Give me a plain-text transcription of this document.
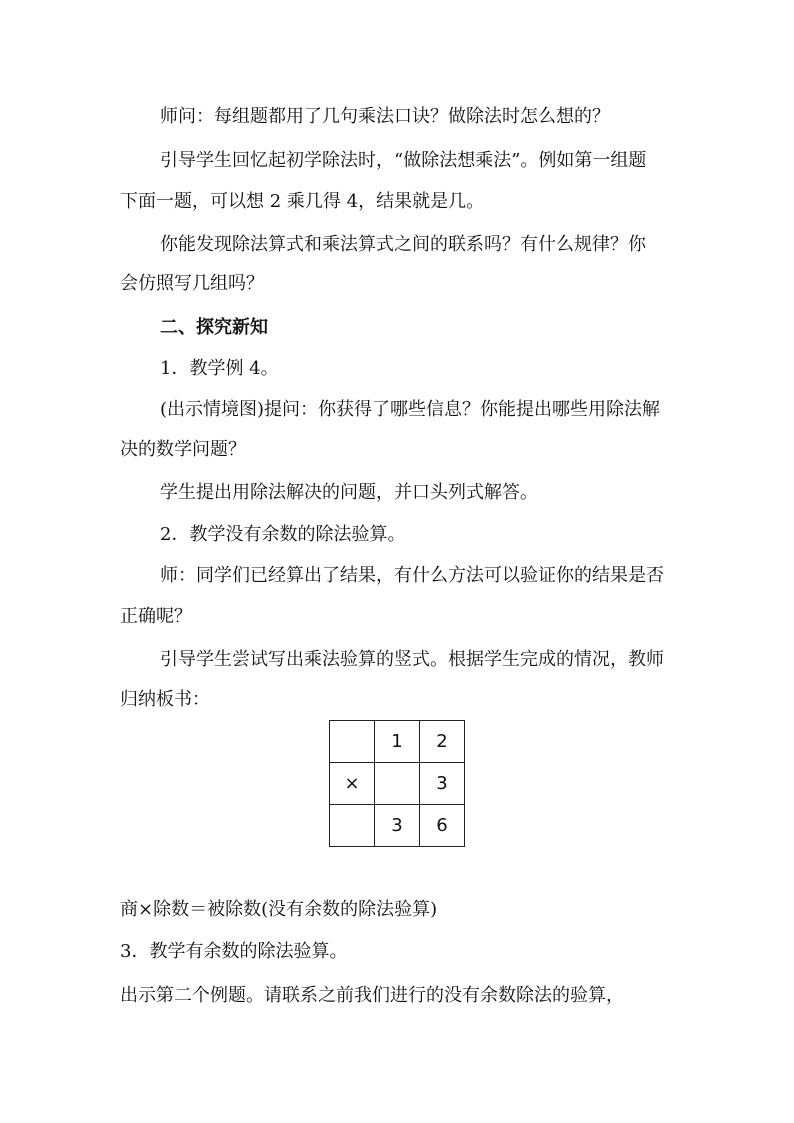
师问：每组题都用了几句乘法口诀？做除法时怎么想的？
引导学生回忆起初学除法时，“做除法想乘法”。例如第一组题
下面一题，可以想 2 乘几得 4，结果就是几。
你能发现除法算式和乘法算式之间的联系吗？有什么规律？你
会仿照写几组吗？
二、探究新知
1．教学例 4。
(出示情境图)提问：你获得了哪些信息？你能提出哪些用除法解
决的数学问题？
学生提出用除法解决的问题，并口头列式解答。
2．教学没有余数的除法验算。
师：同学们已经算出了结果，有什么方法可以验证你的结果是否
正确呢？
引导学生尝试写出乘法验算的竖式。根据学生完成的情况，教师
归纳板书：
	1	2
×		3
	3	6
商×除数＝被除数(没有余数的除法验算)
3．教学有余数的除法验算。
出示第二个例题。请联系之前我们进行的没有余数除法的验算，
